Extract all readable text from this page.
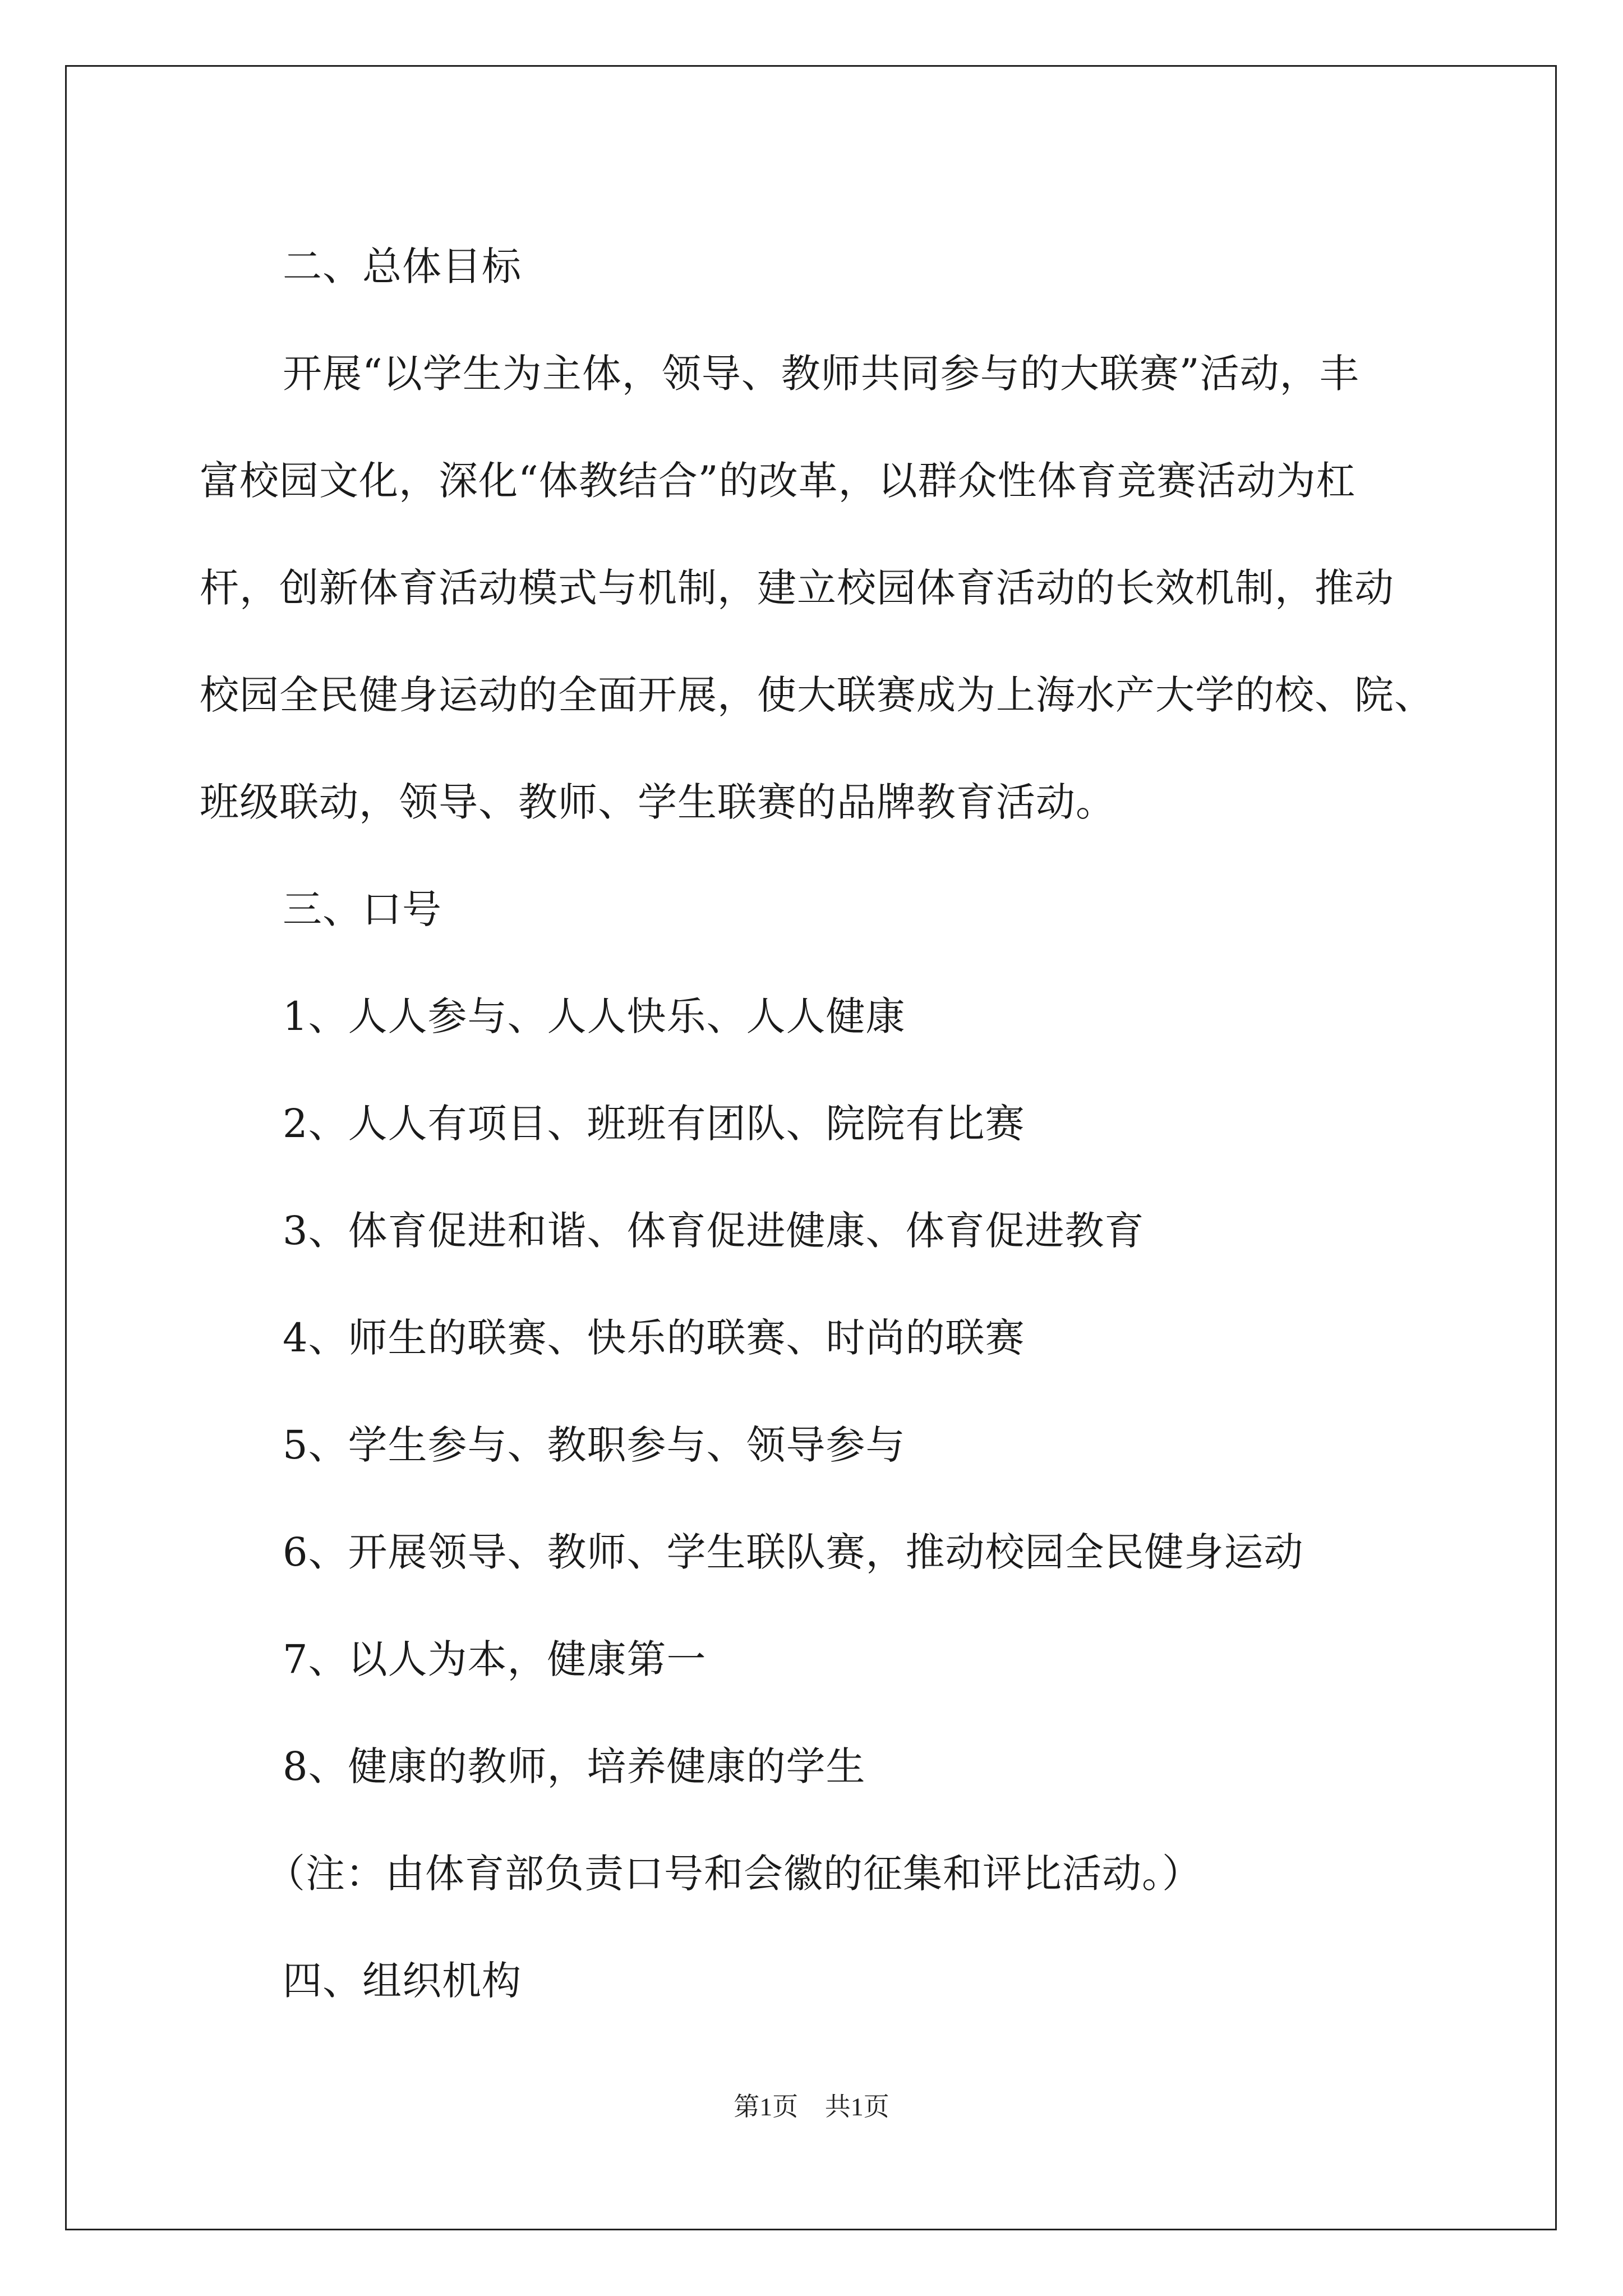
二、总体目标
开展“以学生为主体，领导、教师共同参与的大联赛”活动，丰
富校园文化，深化“体教结合”的改革，以群众性体育竞赛活动为杠
杆，创新体育活动模式与机制，建立校园体育活动的长效机制，推动
校园全民健身运动的全面开展，使大联赛成为上海水产大学的校、院、
班级联动，领导、教师、学生联赛的品牌教育活动。
三、口号
1、人人参与、人人快乐、人人健康
2、人人有项目、班班有团队、院院有比赛
3、体育促进和谐、体育促进健康、体育促进教育
4、师生的联赛、快乐的联赛、时尚的联赛
5、学生参与、教职参与、领导参与
6、开展领导、教师、学生联队赛，推动校园全民健身运动
7、以人为本，健康第一
8、健康的教师，培养健康的学生
（注：由体育部负责口号和会徽的征集和评比活动。）
四、组织机构
第1页 共1页
